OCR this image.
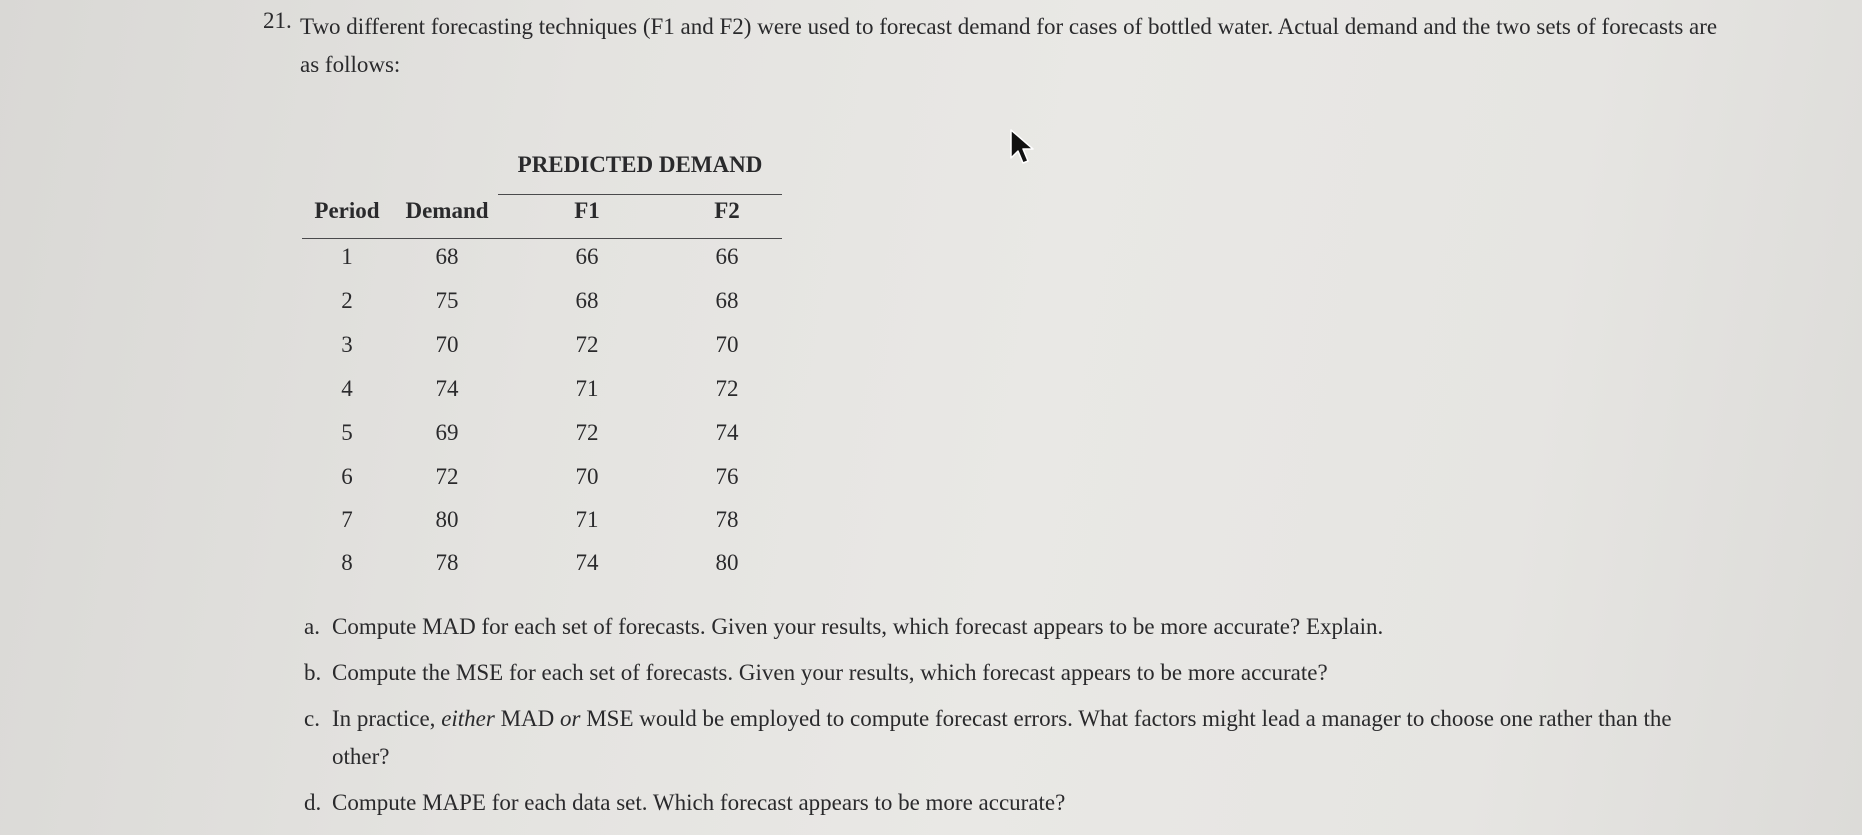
21. Two different forecasting techniques (F1 and F2) were used to forecast demand for cases of bottled water. Actual demand and the two sets of forecasts are as follows:
PREDICTED DEMAND
Period	Demand	F1	F2
1	68	66	66
2	75	68	68
3	70	72	70
4	74	71	72
5	69	72	74
6	72	70	76
7	80	71	78
8	78	74	80
a. Compute MAD for each set of forecasts. Given your results, which forecast appears to be more accurate? Explain.
b. Compute the MSE for each set of forecasts. Given your results, which forecast appears to be more accurate?
c. In practice, either MAD or MSE would be employed to compute forecast errors. What factors might lead a manager to choose one rather than the other?
d. Compute MAPE for each data set. Which forecast appears to be more accurate?
